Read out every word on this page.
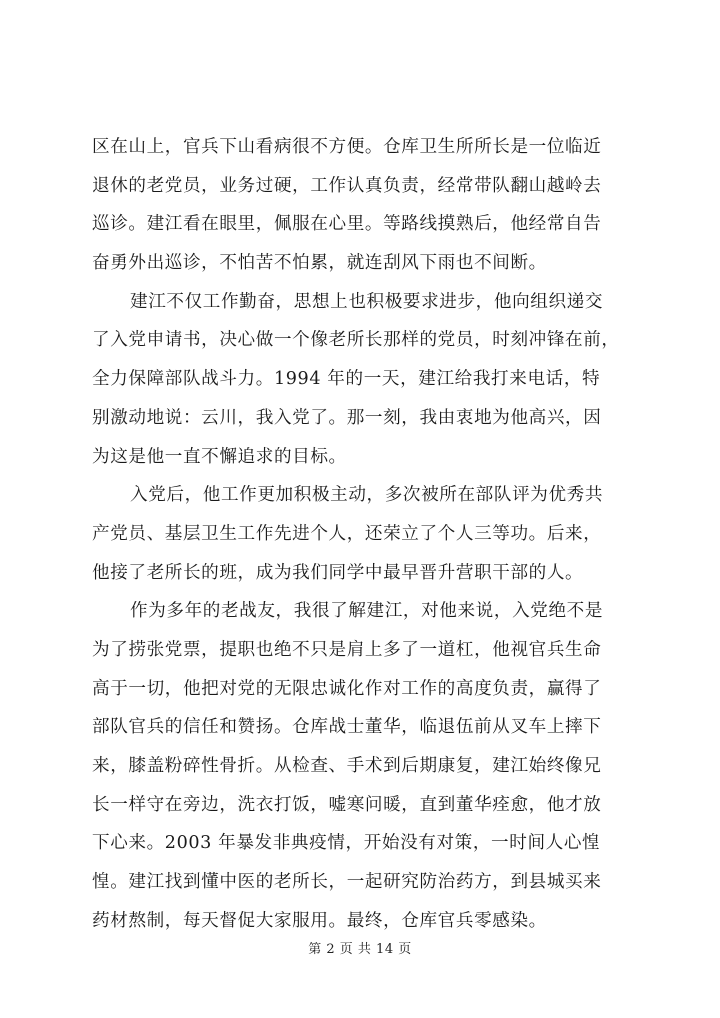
区在山上，官兵下山看病很不方便。仓库卫生所所长是一位临近
退休的老党员，业务过硬，工作认真负责，经常带队翻山越岭去
巡诊。建江看在眼里，佩服在心里。等路线摸熟后，他经常自告
奋勇外出巡诊，不怕苦不怕累，就连刮风下雨也不间断。
建江不仅工作勤奋，思想上也积极要求进步，他向组织递交
了入党申请书，决心做一个像老所长那样的党员，时刻冲锋在前，
全力保障部队战斗力。1994 年的一天，建江给我打来电话，特
别激动地说：云川，我入党了。那一刻，我由衷地为他高兴，因
为这是他一直不懈追求的目标。
入党后，他工作更加积极主动，多次被所在部队评为优秀共
产党员、基层卫生工作先进个人，还荣立了个人三等功。后来，
他接了老所长的班，成为我们同学中最早晋升营职干部的人。
作为多年的老战友，我很了解建江，对他来说，入党绝不是
为了捞张党票，提职也绝不只是肩上多了一道杠，他视官兵生命
高于一切，他把对党的无限忠诚化作对工作的高度负责，赢得了
部队官兵的信任和赞扬。仓库战士董华，临退伍前从叉车上摔下
来，膝盖粉碎性骨折。从检查、手术到后期康复，建江始终像兄
长一样守在旁边，洗衣打饭，嘘寒问暖，直到董华痊愈，他才放
下心来。2003 年暴发非典疫情，开始没有对策，一时间人心惶
惶。建江找到懂中医的老所长，一起研究防治药方，到县城买来
药材熬制，每天督促大家服用。最终，仓库官兵零感染。
第 2 页 共 14 页
